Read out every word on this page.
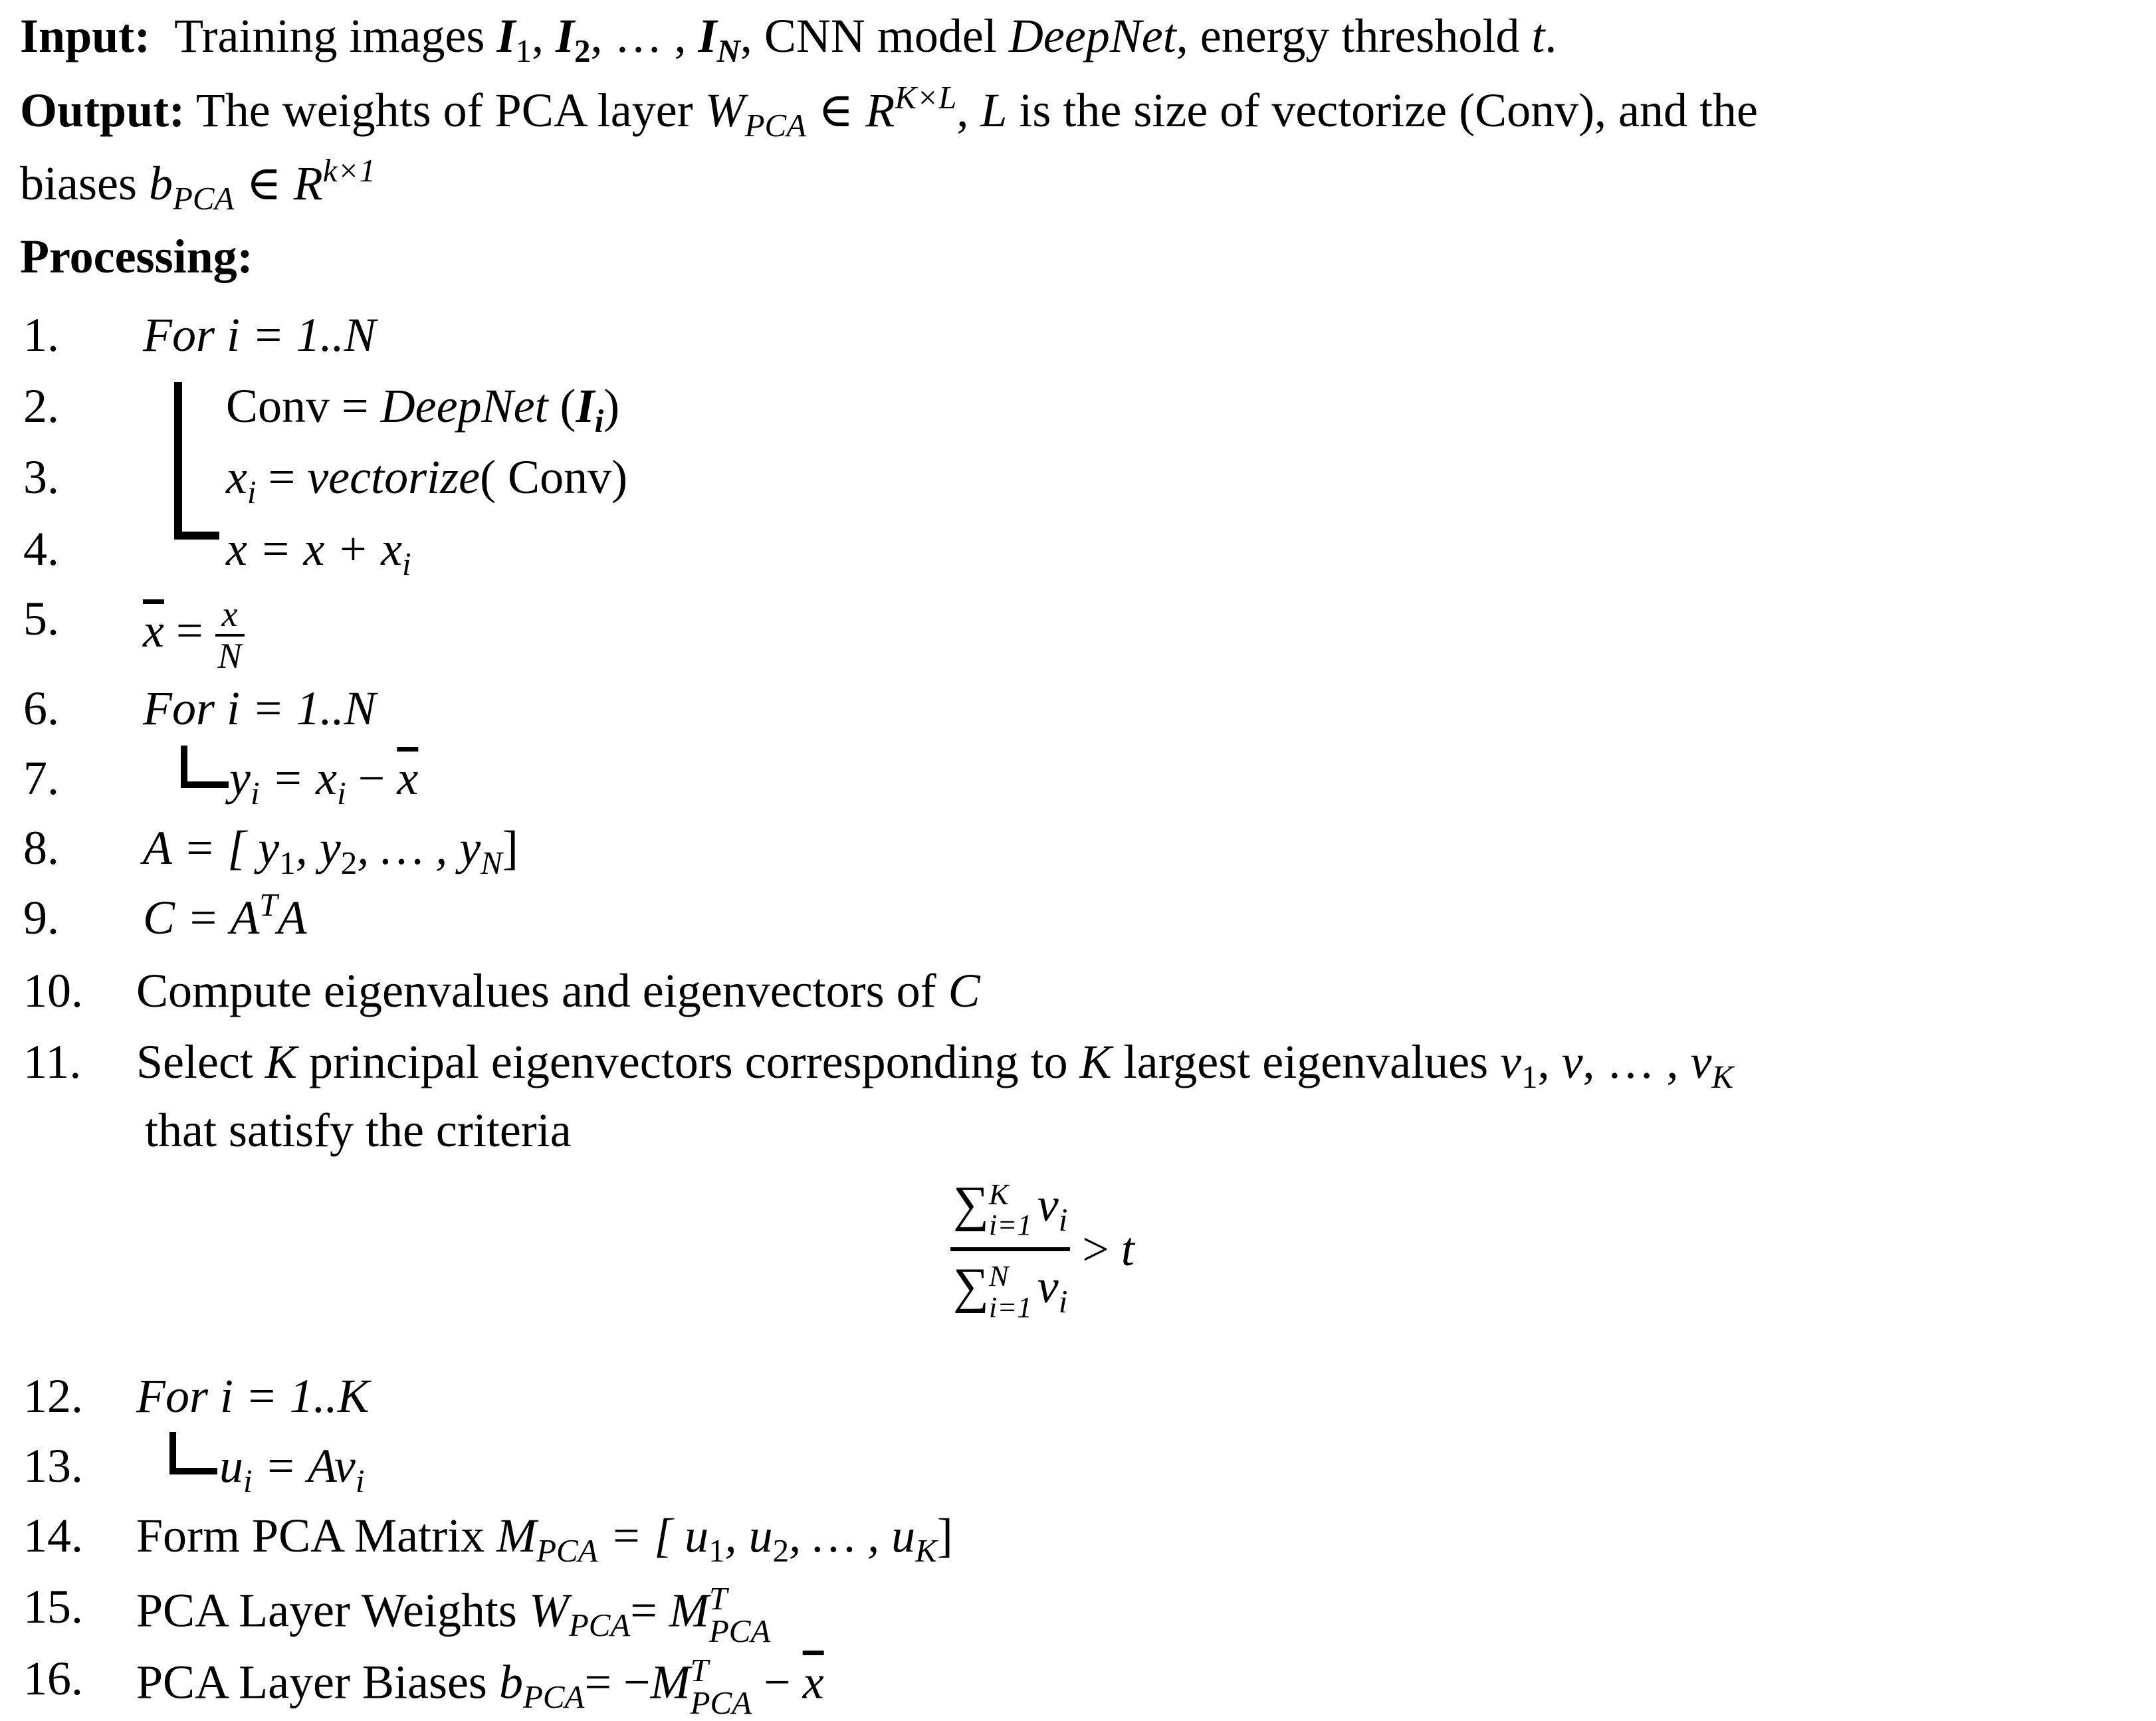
Input: Training images $I_1$, $I_2$, … , $I_N$, CNN model DeepNet, energy threshold t.
Output: The weights of PCA layer $W_{PCA}$ ∈ $R^{K\times L}$, L is the size of vectorize (Conv), and the
biases $b_{PCA}$ ∈ $R^{k\times 1}$
Processing:
1. For i = 1..N
2.	Conv = DeepNet $(I_i)$
3.	$x_i$ = vectorize( Conv)
4.	$x = x + x_i$
5. $\overline{x} = \frac{x}{N}$
6. For i = 1..N
7.	$y_i = x_i - \overline{x}$
8. A = [ $y_1$, $y_2$, … , $y_N$]
9. $C = A^TA$
10. Compute eigenvalues and eigenvectors of C
11. Select K principal eigenvectors corresponding to K largest eigenvalues $v_1$, v, … , $v_K$
that satisfy the criteria
∑ K
i=1 $v_i$
∑ N
i=1 $v_i > t$
12. For i = 1..K
13.	$u_i = Av_i$
14. Form PCA Matrix $M_{PCA}$ = [ $u_1$, $u_2$, … , $u_K$]
15. PCA Layer Weights $W_{PCA}= M$ T
PCA
16. PCA Layer Biases $b_{PCA}= -M$ T
PCA − $\overline{x}$
